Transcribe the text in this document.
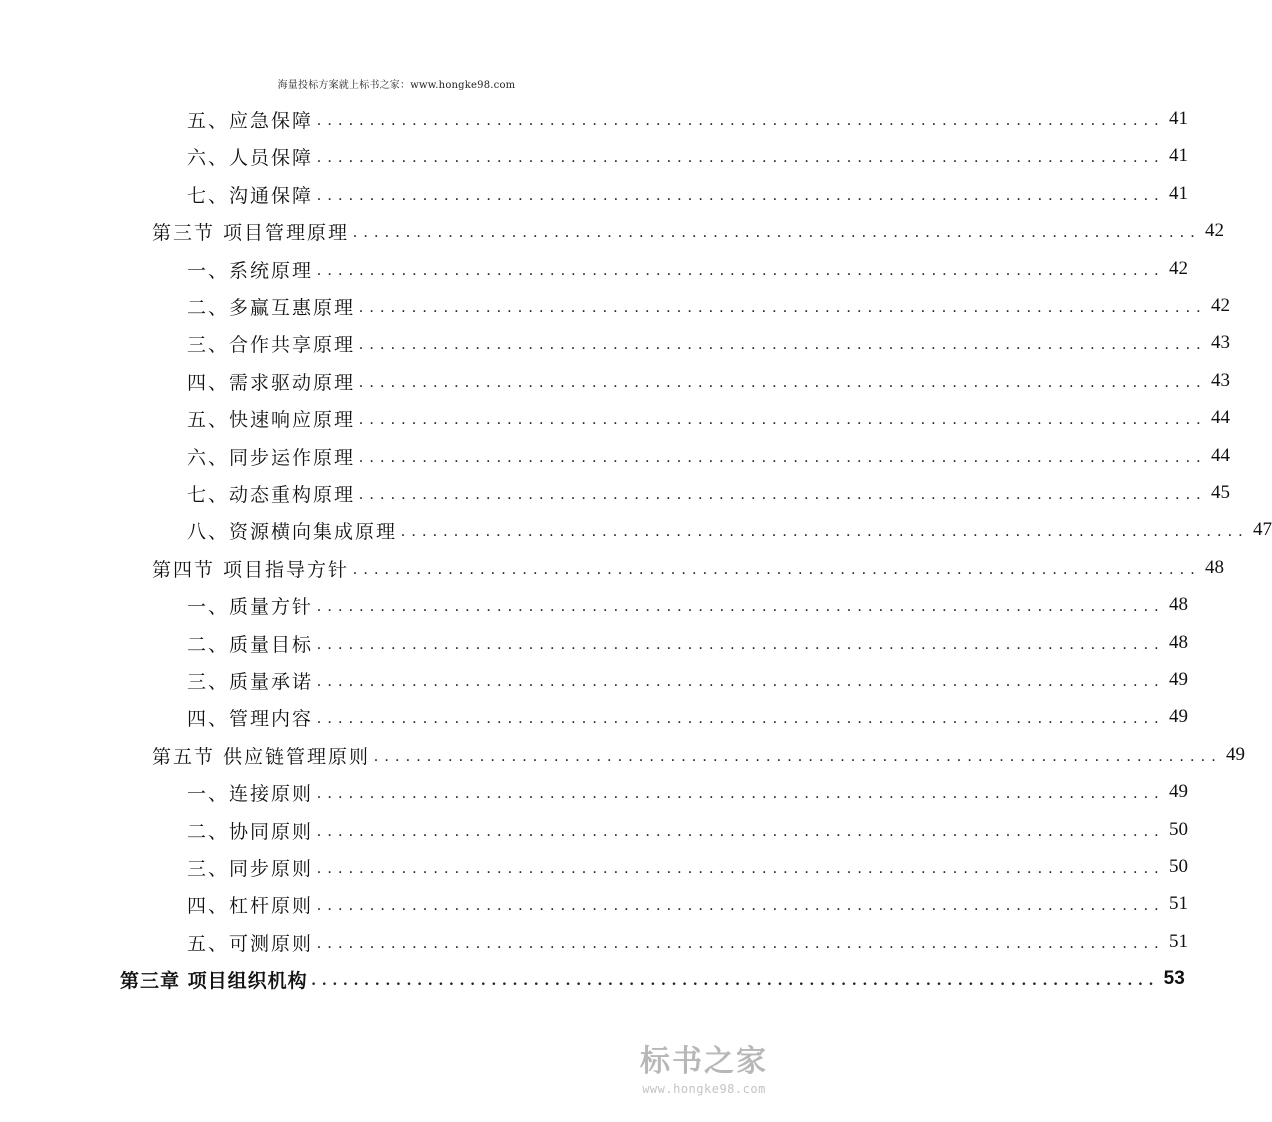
海量投标方案就上标书之家：www.hongke98.com
五、应急保障 ................................................................................ 41
六、人员保障 ................................................................................ 41
七、沟通保障 ................................................................................ 41
第三节 项目管理原理 ................................................................................ 42
一、系统原理 ................................................................................ 42
二、多赢互惠原理 ................................................................................ 42
三、合作共享原理 ................................................................................ 43
四、需求驱动原理 ................................................................................ 43
五、快速响应原理 ................................................................................ 44
六、同步运作原理 ................................................................................ 44
七、动态重构原理 ................................................................................ 45
八、资源横向集成原理 ................................................................................ 47
第四节 项目指导方针 ................................................................................ 48
一、质量方针 ................................................................................ 48
二、质量目标 ................................................................................ 48
三、质量承诺 ................................................................................ 49
四、管理内容 ................................................................................ 49
第五节 供应链管理原则 ................................................................................ 49
一、连接原则 ................................................................................ 49
二、协同原则 ................................................................................ 50
三、同步原则 ................................................................................ 50
四、杠杆原则 ................................................................................ 51
五、可测原则 ................................................................................ 51
第三章 项目组织机构 ................................................................................ 53
标书之家
www.hongke98.com
